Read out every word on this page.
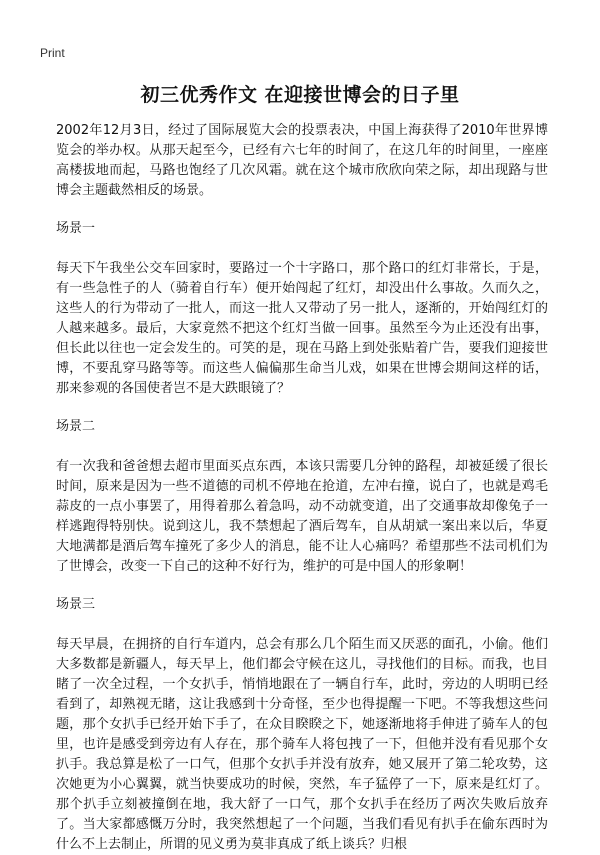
Print
初三优秀作文 在迎接世博会的日子里

2002年12月3日，经过了国际展览大会的投票表决，中国上海获得了2010年世界博览会的举办权。从那天起至今，已经有六七年的时间了，在这几年的时间里，一座座高楼拔地而起，马路也饱经了几次风霜。就在这个城市欣欣向荣之际，却出现路与世博会主题截然相反的场景。

场景一

每天下午我坐公交车回家时，要路过一个十字路口，那个路口的红灯非常长，于是，有一些急性子的人（骑着自行车）便开始闯起了红灯，却没出什么事故。久而久之，这些人的行为带动了一批人，而这一批人又带动了另一批人，逐渐的，开始闯红灯的人越来越多。最后，大家竟然不把这个红灯当做一回事。虽然至今为止还没有出事，但长此以往也一定会发生的。可笑的是，现在马路上到处张贴着广告，要我们迎接世博，不要乱穿马路等等。而这些人偏偏那生命当儿戏，如果在世博会期间这样的话，那来参观的各国使者岂不是大跌眼镜了？

场景二

有一次我和爸爸想去超市里面买点东西，本该只需要几分钟的路程，却被延缓了很长时间，原来是因为一些不道德的司机不停地在抢道，左冲右撞，说白了，也就是鸡毛蒜皮的一点小事罢了，用得着那么着急吗，动不动就变道，出了交通事故却像兔子一样逃跑得特别快。说到这儿，我不禁想起了酒后驾车，自从胡斌一案出来以后，华夏大地满都是酒后驾车撞死了多少人的消息，能不让人心痛吗？希望那些不法司机们为了世博会，改变一下自己的这种不好行为，维护的可是中国人的形象啊！

场景三

每天早晨，在拥挤的自行车道内，总会有那么几个陌生而又厌恶的面孔，小偷。他们大多数都是新疆人，每天早上，他们都会守候在这儿，寻找他们的目标。而我，也目睹了一次全过程，一个女扒手，悄悄地跟在了一辆自行车，此时，旁边的人明明已经看到了，却熟视无睹，这让我感到十分奇怪，至少也得提醒一下吧。不等我想这些问题，那个女扒手已经开始下手了，在众目睽睽之下，她逐渐地将手伸进了骑车人的包里，也许是感受到旁边有人存在，那个骑车人将包拽了一下，但他并没有看见那个女扒手。我总算是松了一口气，但那个女扒手并没有放弃，她又展开了第二轮攻势，这次她更为小心翼翼，就当快要成功的时候，突然，车子猛停了一下，原来是红灯了。那个扒手立刻被撞倒在地，我大舒了一口气，那个女扒手在经历了两次失败后放弃了。当大家都感慨万分时，我突然想起了一个问题，当我们看见有扒手在偷东西时为什么不上去制止，所谓的见义勇为莫非真成了纸上谈兵？归根
